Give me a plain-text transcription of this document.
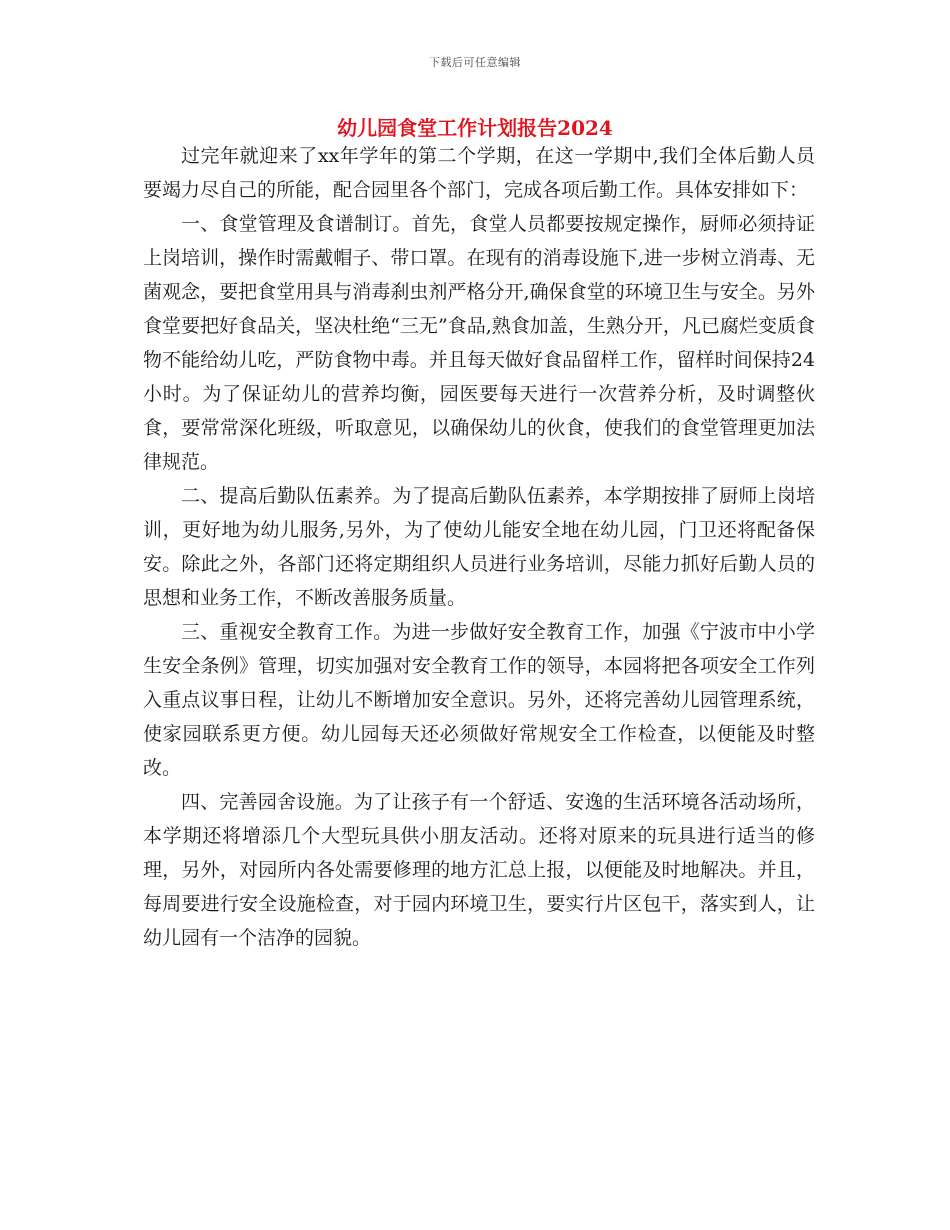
下载后可任意编辑
幼儿园食堂工作计划报告2024

过完年就迎来了xx年学年的第二个学期，在这一学期中,我们全体后勤人员要竭力尽自己的所能，配合园里各个部门，完成各项后勤工作。具体安排如下：

一、食堂管理及食谱制订。首先，食堂人员都要按规定操作，厨师必须持证上岗培训，操作时需戴帽子、带口罩。在现有的消毒设施下,进一步树立消毒、无菌观念，要把食堂用具与消毒刹虫剂严格分开,确保食堂的环境卫生与安全。另外食堂要把好食品关，坚决杜绝“三无”食品,熟食加盖，生熟分开，凡已腐烂变质食物不能给幼儿吃，严防食物中毒。并且每天做好食品留样工作，留样时间保持24小时。为了保证幼儿的营养均衡，园医要每天进行一次营养分析，及时调整伙食，要常常深化班级，听取意见，以确保幼儿的伙食，使我们的食堂管理更加法律规范。

二、提高后勤队伍素养。为了提高后勤队伍素养，本学期按排了厨师上岗培训，更好地为幼儿服务,另外，为了使幼儿能安全地在幼儿园，门卫还将配备保安。除此之外，各部门还将定期组织人员进行业务培训，尽能力抓好后勤人员的思想和业务工作，不断改善服务质量。

三、重视安全教育工作。为进一步做好安全教育工作，加强《宁波市中小学生安全条例》管理，切实加强对安全教育工作的领导，本园将把各项安全工作列入重点议事日程，让幼儿不断增加安全意识。另外，还将完善幼儿园管理系统，使家园联系更方便。幼儿园每天还必须做好常规安全工作检查，以便能及时整改。

四、完善园舍设施。为了让孩子有一个舒适、安逸的生活环境各活动场所，本学期还将增添几个大型玩具供小朋友活动。还将对原来的玩具进行适当的修理，另外，对园所内各处需要修理的地方汇总上报，以便能及时地解决。并且，每周要进行安全设施检查，对于园内环境卫生，要实行片区包干，落实到人，让幼儿园有一个洁净的园貌。
